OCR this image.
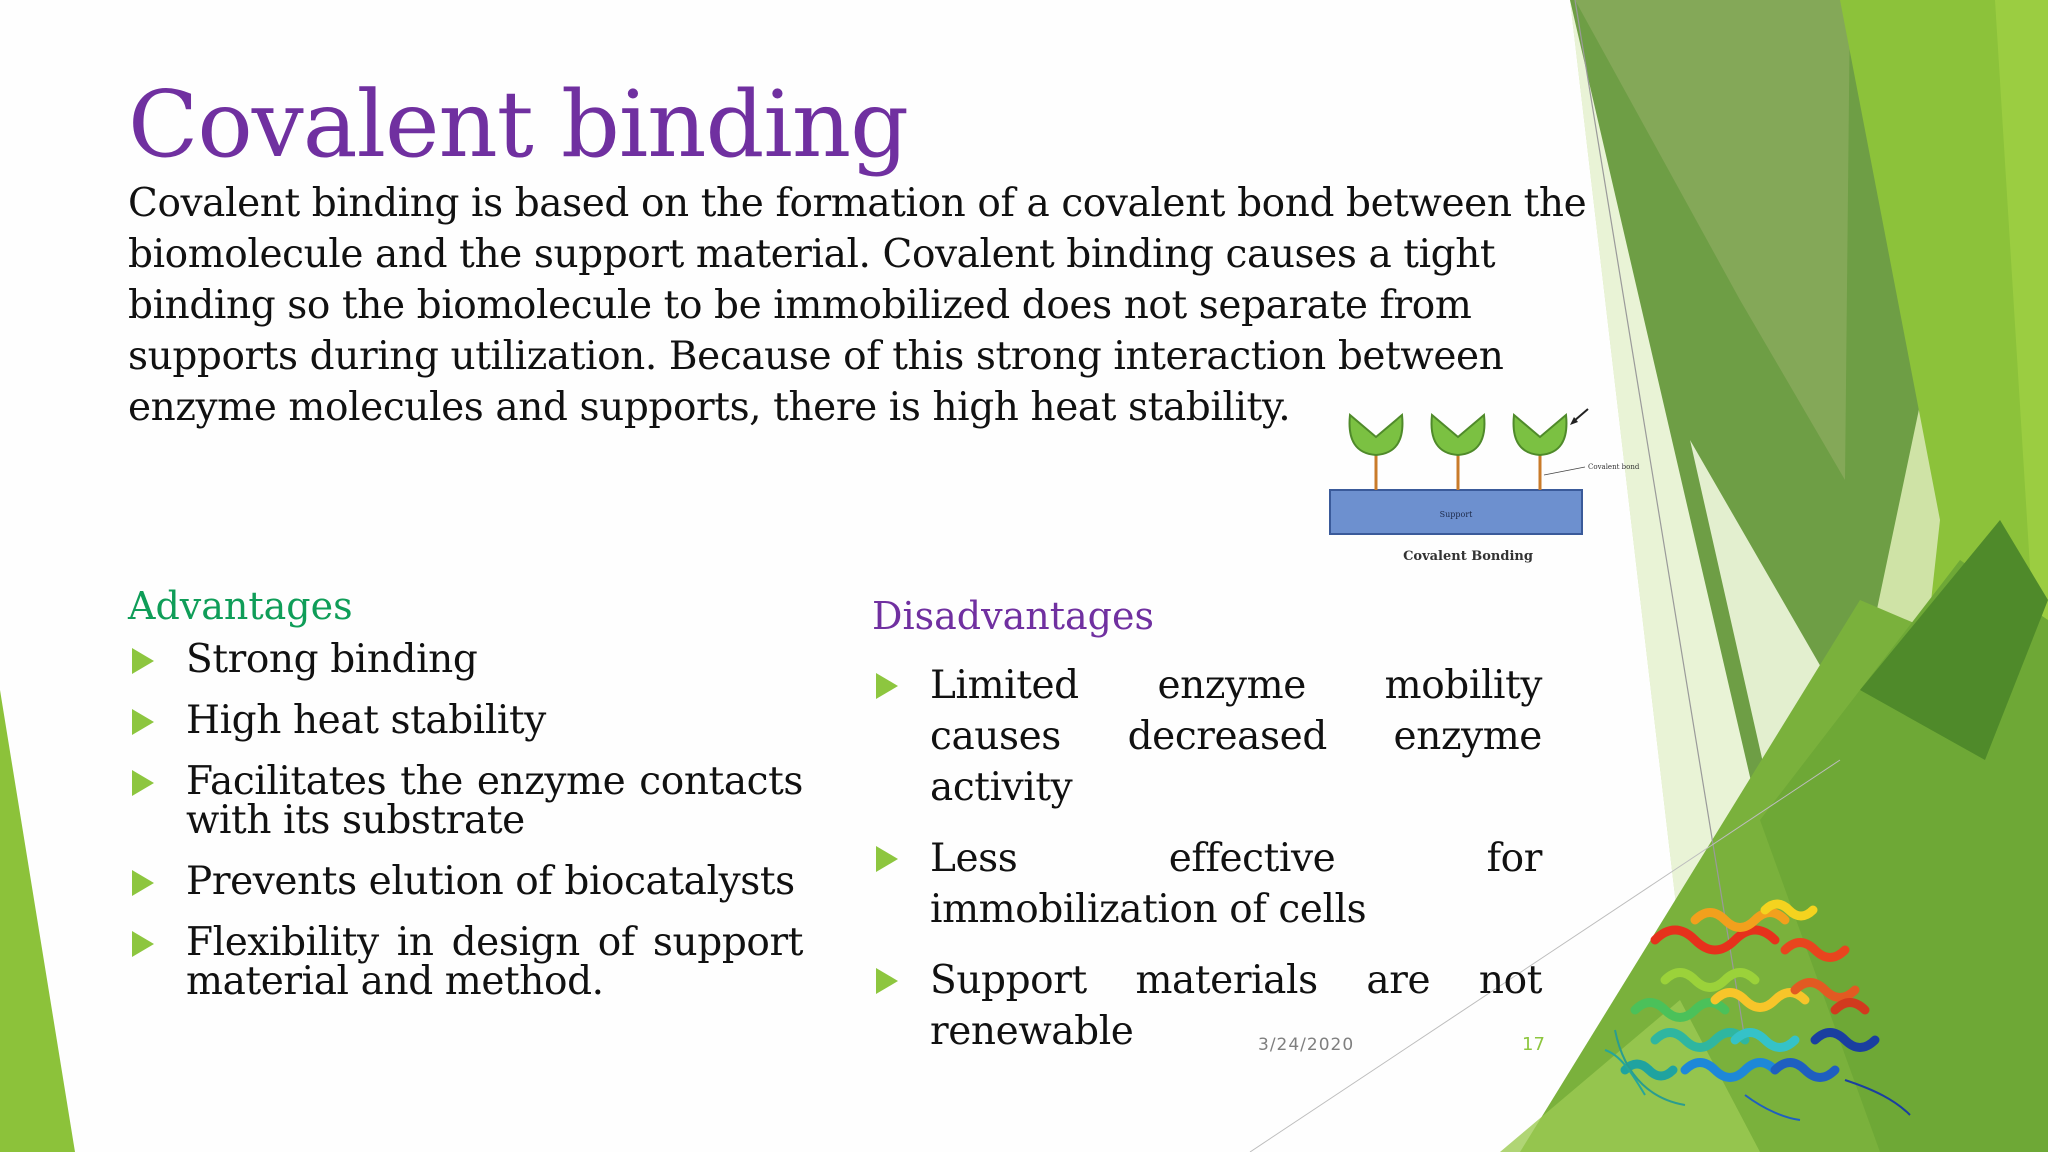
Covalent binding

Covalent binding is based on the formation of a covalent bond between the biomolecule and the support material. Covalent binding causes a tight binding so the biomolecule to be immobilized does not separate from supports during utilization. Because of this strong interaction between enzyme molecules and supports, there is high heat stability.

Support
Covalent bond
Covalent Bonding
Advantages
Strong binding
High heat stability
Facilitates the enzyme contacts with its substrate
Prevents elution of biocatalysts
Flexibility in design of support material and method.
Disadvantages
Limited enzyme mobility causes decreased enzyme activity
Less effective for immobilization of cells
Support materials are not renewable	3/24/2020	17
